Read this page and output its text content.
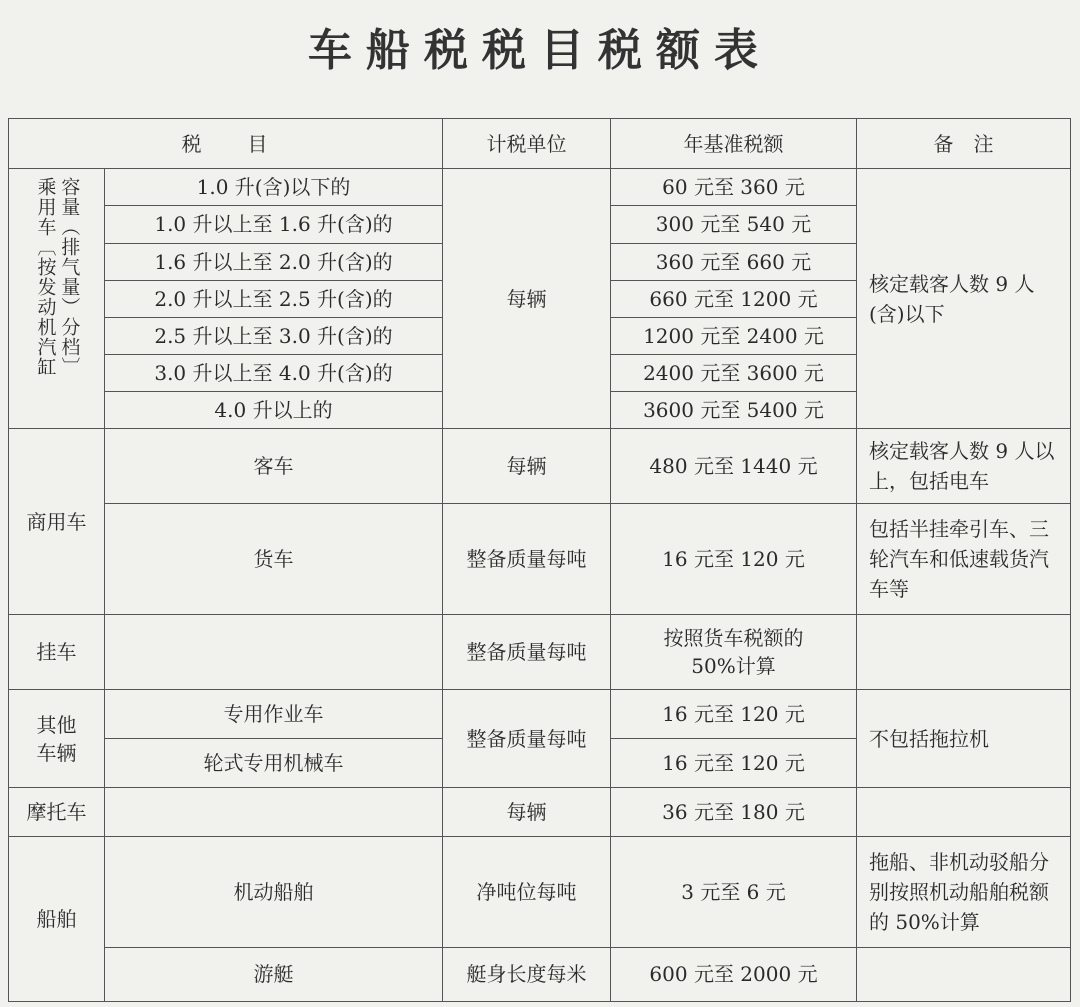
车船税税目税额表
税　　目		计税单位	年基准税额	备　注

乘用车〔按发动机汽缸 容量（排气量）分档〕	1.0 升(含)以下的	每辆	60 元至 360 元	核定载客人数 9 人(含)以下
	1.0 升以上至 1.6 升(含)的		300 元至 540 元	
	1.6 升以上至 2.0 升(含)的		360 元至 660 元	
	2.0 升以上至 2.5 升(含)的		660 元至 1200 元	
	2.5 升以上至 3.0 升(含)的		1200 元至 2400 元	
	3.0 升以上至 4.0 升(含)的		2400 元至 3600 元	
	4.0 升以上的		3600 元至 5400 元	
商用车	客车	每辆	480 元至 1440 元	核定载客人数 9 人以上，包括电车
	货车	整备质量每吨	16 元至 120 元	包括半挂牵引车、三轮汽车和低速载货汽车等
挂车		整备质量每吨	按照货车税额的 50%计算	
其他车辆	专用作业车	整备质量每吨	16 元至 120 元	不包括拖拉机
	轮式专用机械车		16 元至 120 元	
摩托车		每辆	36 元至 180 元	
船舶	机动船舶	净吨位每吨	3 元至 6 元	拖船、非机动驳船分别按照机动船舶税额的 50%计算
	游艇	艇身长度每米	600 元至 2000 元	
